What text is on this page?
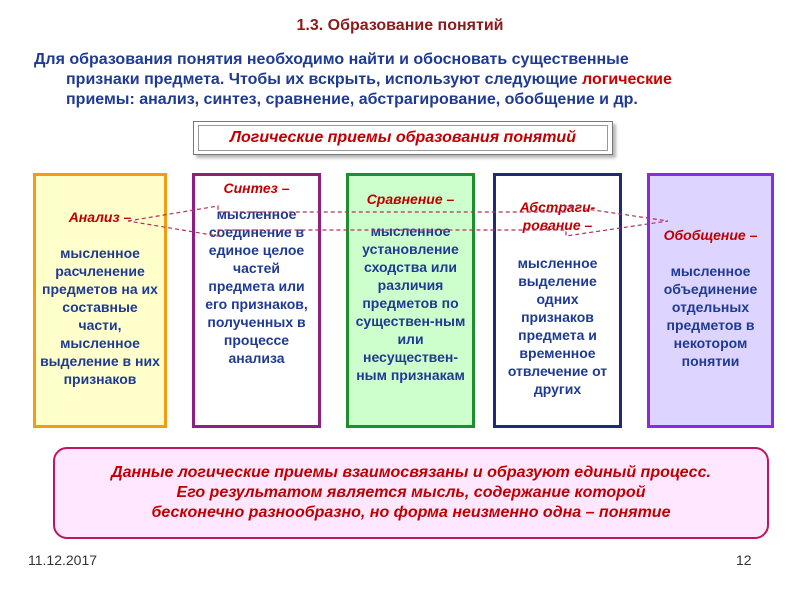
1.3. Образование понятий
Для образования понятия необходимо найти и обосновать существенные
признаки предмета. Чтобы их вскрыть, используют следующие логические приемы: анализ, синтез, сравнение, абстрагирование, обобщение и др.
Логические приемы образования понятий
Анализ –
мысленное расчленение предметов на их составные части, мысленное выделение в них признаков
Синтез –
мысленное соединение в единое целое частей предмета или его признаков, полученных в процессе анализа
Сравнение –
мысленное установление сходства или различия предметов по существен-ным или несуществен-ным признакам
Абстраги-рование –
мысленное выделение одних признаков предмета и временное отвлечение от других
Обобщение –
мысленное объединение отдельных предметов в некотором понятии
Данные логические приемы взаимосвязаны и образуют единый процесс.
Его результатом является мысль, содержание которой
бесконечно разнообразно, но форма неизменно одна – понятие
11.12.2017	12
